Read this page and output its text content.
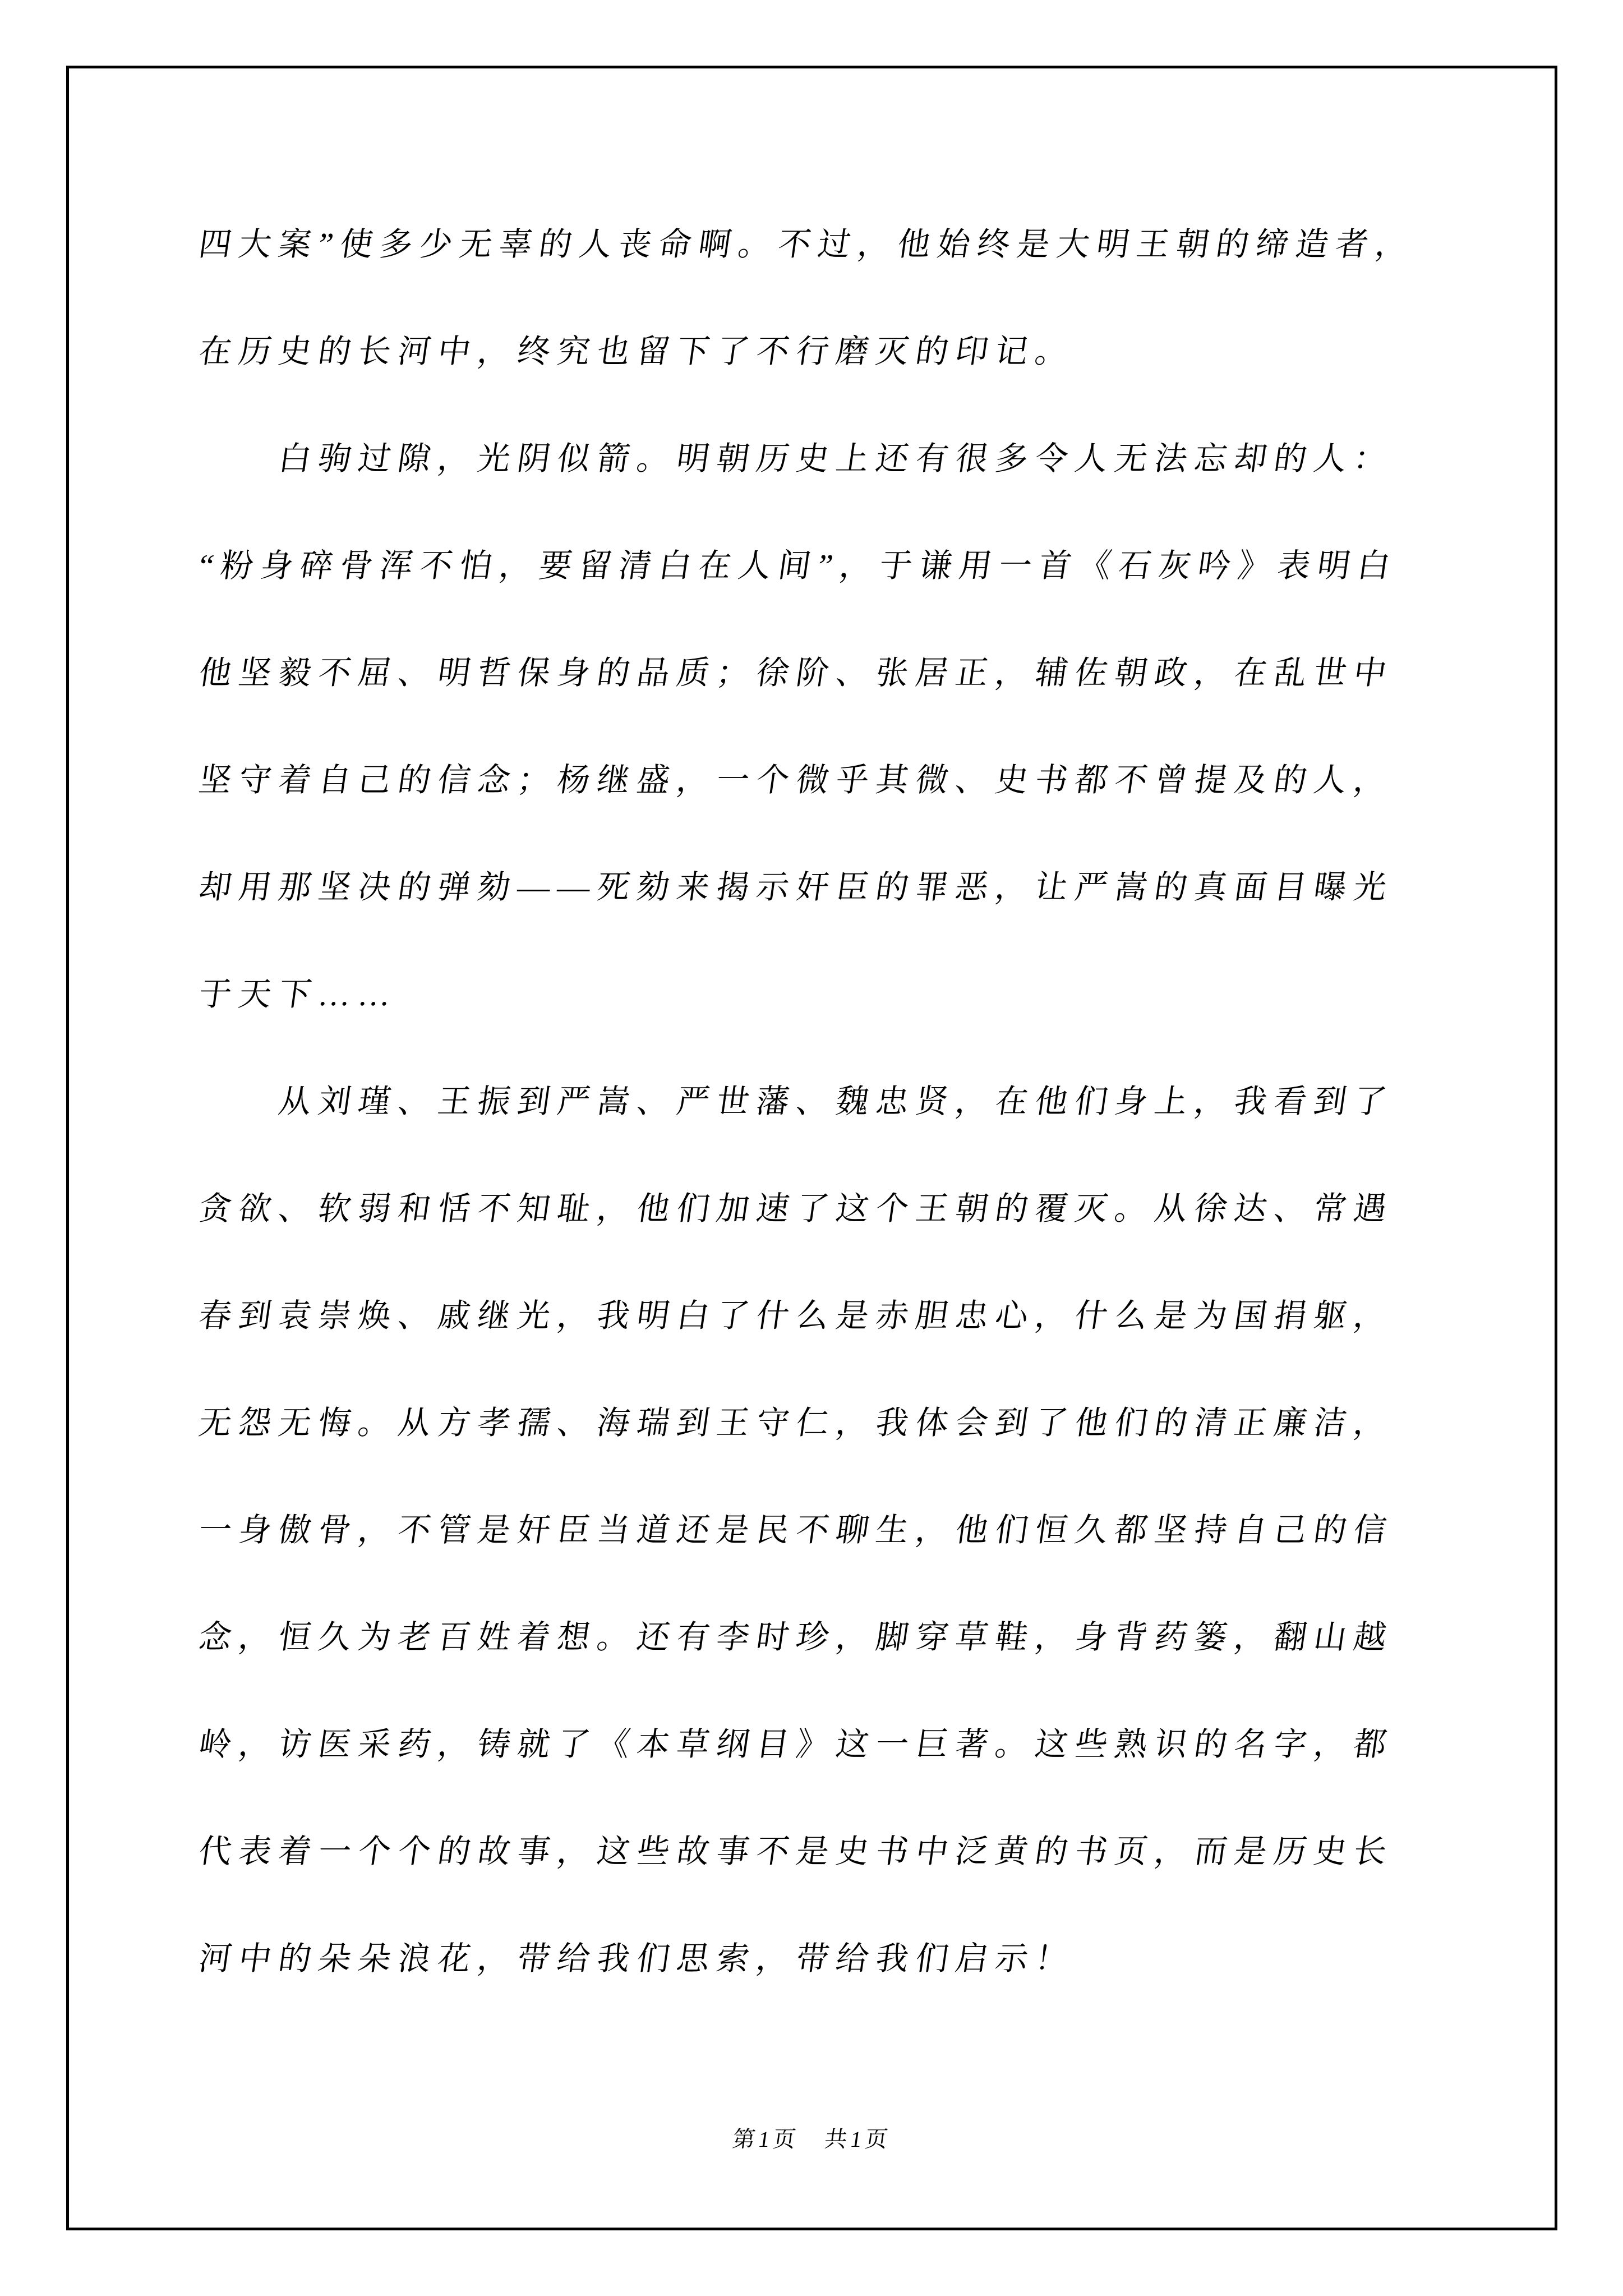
四大案”使多少无辜的人丧命啊。不过，他始终是大明王朝的缔造者，
在历史的长河中，终究也留下了不行磨灭的印记。
白驹过隙，光阴似箭。明朝历史上还有很多令人无法忘却的人：
“粉身碎骨浑不怕，要留清白在人间”，于谦用一首《石灰吟》表明白
他坚毅不屈、明哲保身的品质；徐阶、张居正，辅佐朝政，在乱世中
坚守着自己的信念；杨继盛，一个微乎其微、史书都不曾提及的人，
却用那坚决的弹劾——死劾来揭示奸臣的罪恶，让严嵩的真面目曝光
于天下……
从刘瑾、王振到严嵩、严世藩、魏忠贤，在他们身上，我看到了
贪欲、软弱和恬不知耻，他们加速了这个王朝的覆灭。从徐达、常遇
春到袁崇焕、戚继光，我明白了什么是赤胆忠心，什么是为国捐躯，
无怨无悔。从方孝孺、海瑞到王守仁，我体会到了他们的清正廉洁，
一身傲骨，不管是奸臣当道还是民不聊生，他们恒久都坚持自己的信
念，恒久为老百姓着想。还有李时珍，脚穿草鞋，身背药篓，翻山越
岭，访医采药，铸就了《本草纲目》这一巨著。这些熟识的名字，都
代表着一个个的故事，这些故事不是史书中泛黄的书页，而是历史长
河中的朵朵浪花，带给我们思索，带给我们启示！
第1页　共1页
